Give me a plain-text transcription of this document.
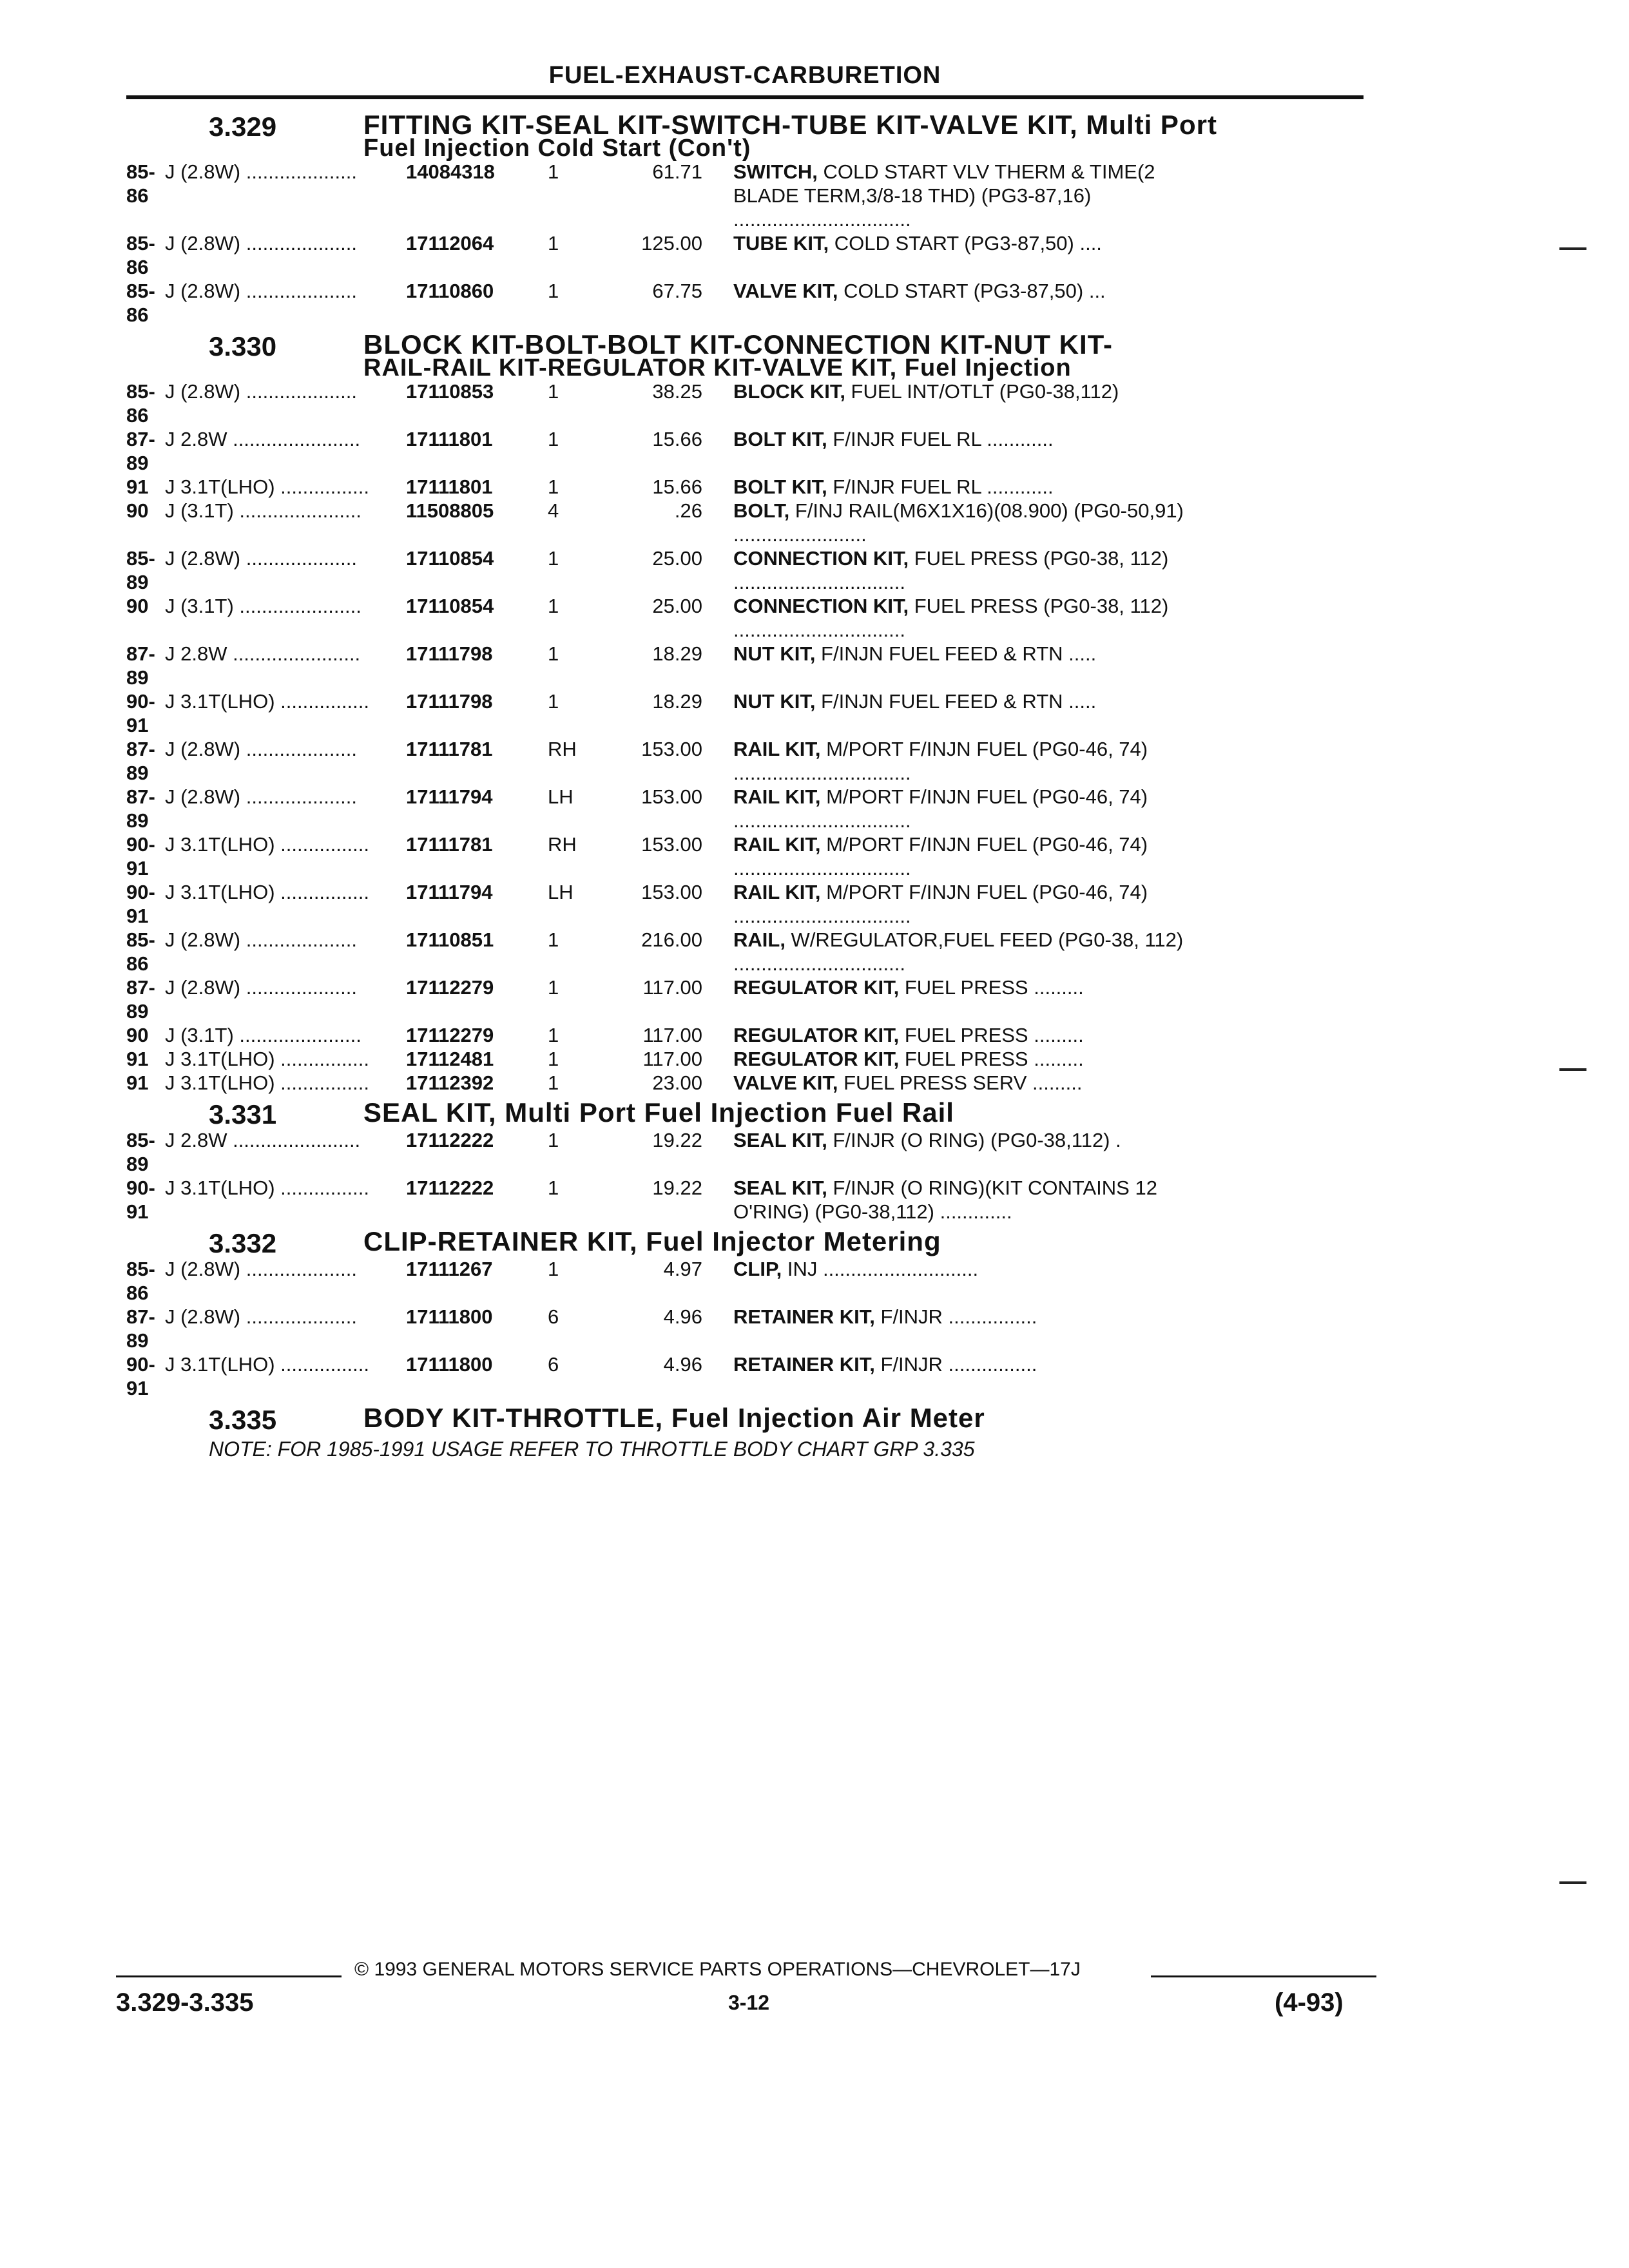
FUEL-EXHAUST-CARBURETION
3.329	FITTING KIT-SEAL KIT-SWITCH-TUBE KIT-VALVE KIT, Multi Port
Fuel Injection Cold Start (Con't)
85-86
J (2.8W) ....................	14084318	1	61.71 SWITCH, COLD START VLV THERM & TIME(2 BLADE TERM,3/8-18 THD) (PG3-87,16) ................................
85-86
J (2.8W) ....................	17112064	1	125.00 TUBE KIT, COLD START (PG3-87,50) ....
85-86
J (2.8W) ....................	17110860	1	67.75 VALVE KIT, COLD START (PG3-87,50) ...
3.330	BLOCK KIT-BOLT-BOLT KIT-CONNECTION KIT-NUT KIT-
RAIL-RAIL KIT-REGULATOR KIT-VALVE KIT, Fuel Injection
85-86
J (2.8W) ....................	17110853	1	38.25 BLOCK KIT, FUEL INT/OTLT (PG0-38,112)
87-89
J 2.8W .......................	17111801	1	15.66 BOLT KIT, F/INJR FUEL RL ............
91 J 3.1T(LHO) ................	17111801	1	15.66 BOLT KIT, F/INJR FUEL RL ............
90 J (3.1T) ......................	11508805	4	.26 BOLT, F/INJ RAIL(M6X1X16)(08.900) (PG0-50,91) ........................
85-89
J (2.8W) ....................	17110854	1	25.00 CONNECTION KIT, FUEL PRESS (PG0-38, 112) ...............................
90 J (3.1T) ......................	17110854	1	25.00 CONNECTION KIT, FUEL PRESS (PG0-38, 112) ...............................
87-89
J 2.8W .......................	17111798	1	18.29 NUT KIT, F/INJN FUEL FEED & RTN .....
90-91
J 3.1T(LHO) ................	17111798	1	18.29 NUT KIT, F/INJN FUEL FEED & RTN .....
87-89
J (2.8W) ....................	17111781	RH	153.00 RAIL KIT, M/PORT F/INJN FUEL (PG0-46, 74) ................................
87-89
J (2.8W) ....................	17111794	LH	153.00 RAIL KIT, M/PORT F/INJN FUEL (PG0-46, 74) ................................
90-91
J 3.1T(LHO) ................	17111781	RH	153.00 RAIL KIT, M/PORT F/INJN FUEL (PG0-46, 74) ................................
90-91
J 3.1T(LHO) ................	17111794	LH	153.00 RAIL KIT, M/PORT F/INJN FUEL (PG0-46, 74) ................................
85-86
J (2.8W) ....................	17110851	1	216.00 RAIL, W/REGULATOR,FUEL FEED (PG0-38, 112) ...............................
87-89
J (2.8W) ....................	17112279	1	117.00 REGULATOR KIT, FUEL PRESS .........
90 J (3.1T) ......................	17112279	1	117.00 REGULATOR KIT, FUEL PRESS .........
91 J 3.1T(LHO) ................	17112481	1	117.00 REGULATOR KIT, FUEL PRESS .........
91 J 3.1T(LHO) ................	17112392	1	23.00 VALVE KIT, FUEL PRESS SERV .........
3.331	SEAL KIT, Multi Port Fuel Injection Fuel Rail
85-89
J 2.8W .......................	17112222	1	19.22 SEAL KIT, F/INJR (O RING) (PG0-38,112) .
90-91
J 3.1T(LHO) ................	17112222	1	19.22 SEAL KIT, F/INJR (O RING)(KIT CONTAINS 12 O'RING) (PG0-38,112) .............
3.332	CLIP-RETAINER KIT, Fuel Injector Metering
85-86
J (2.8W) ....................	17111267	1	4.97 CLIP, INJ ............................
87-89
J (2.8W) ....................	17111800	6	4.96 RETAINER KIT, F/INJR ................
90-91
J 3.1T(LHO) ................	17111800	6	4.96 RETAINER KIT, F/INJR ................
3.335	BODY KIT-THROTTLE, Fuel Injection Air Meter
NOTE: FOR 1985-1991 USAGE REFER TO THROTTLE BODY CHART GRP 3.335
© 1993 GENERAL MOTORS SERVICE PARTS OPERATIONS—CHEVROLET—17J
3.329-3.335	3-12	(4-93)
